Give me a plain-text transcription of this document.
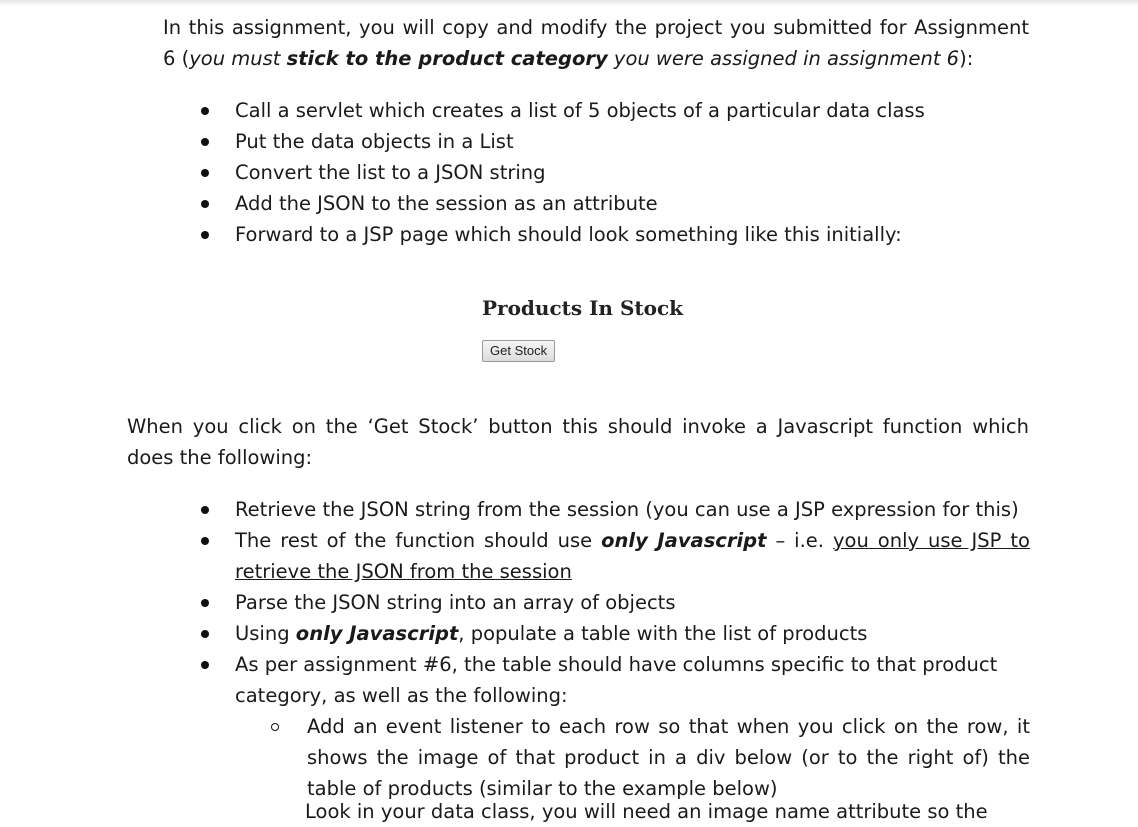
In this assignment, you will copy and modify the project you submitted for Assignment 6 (you must stick to the product category you were assigned in assignment 6):

Call a servlet which creates a list of 5 objects of a particular data class
Put the data objects in a List
Convert the list to a JSON string
Add the JSON to the session as an attribute
Forward to a JSP page which should look something like this initially:
Products In Stock
Get Stock

When you click on the ‘Get Stock’ button this should invoke a Javascript function which does the following:

Retrieve the JSON string from the session (you can use a JSP expression for this)
The rest of the function should use only Javascript – i.e. you only use JSP to retrieve the JSON from the session
Parse the JSON string into an array of objects
Using only Javascript, populate a table with the list of products
As per assignment #6, the table should have columns specific to that product category, as well as the following:
Add an event listener to each row so that when you click on the row, it shows the image of that product in a div below (or to the right of) the table of products (similar to the example below)
Look in your data class, you will need an image name attribute so the
